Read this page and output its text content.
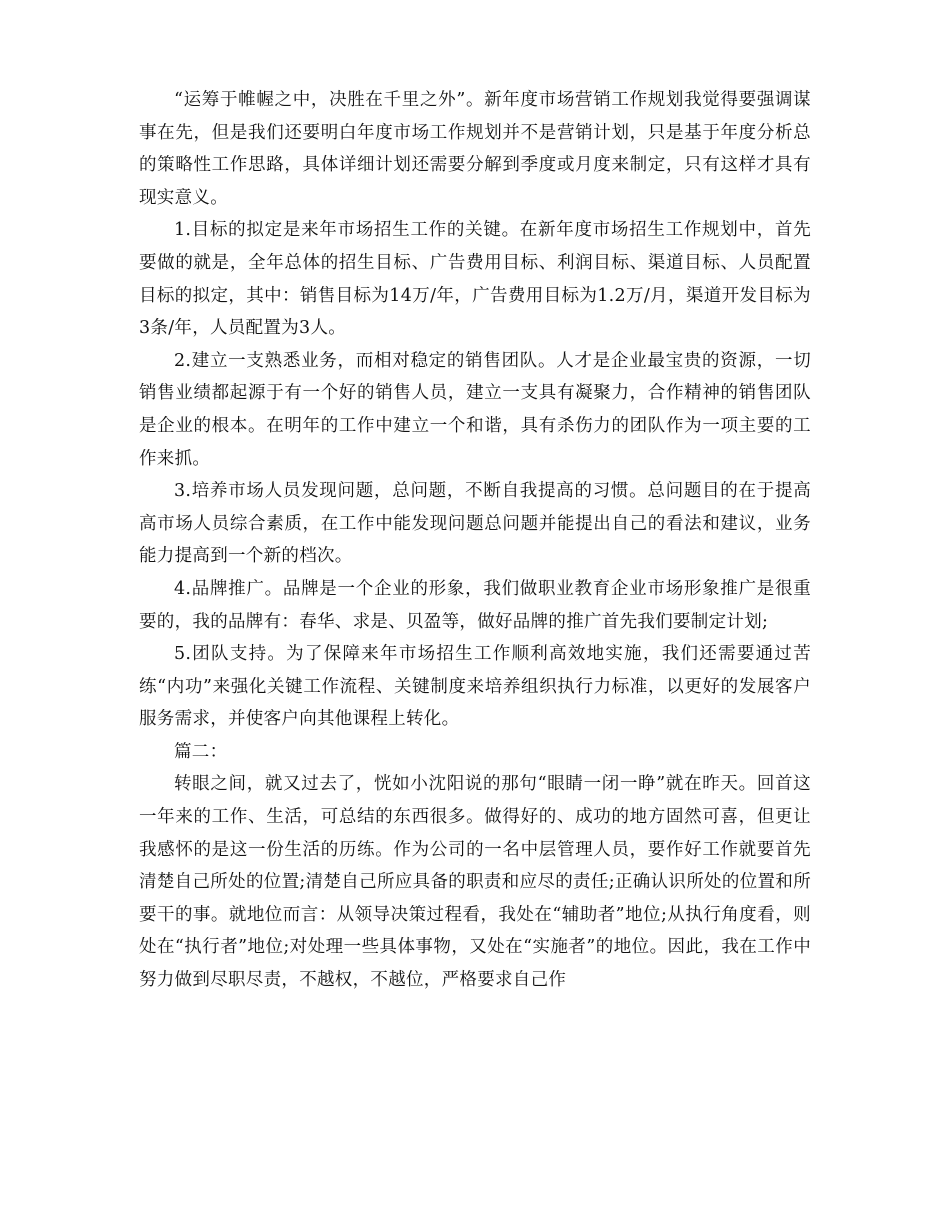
“运筹于帷幄之中，决胜在千里之外”。新年度市场营销工作规划我觉得要强调谋事在先，但是我们还要明白年度市场工作规划并不是营销计划，只是基于年度分析总的策略性工作思路，具体详细计划还需要分解到季度或月度来制定，只有这样才具有现实意义。

1.目标的拟定是来年市场招生工作的关键。在新年度市场招生工作规划中，首先要做的就是，全年总体的招生目标、广告费用目标、利润目标、渠道目标、人员配置目标的拟定，其中：销售目标为14万/年，广告费用目标为1.2万/月，渠道开发目标为3条/年，人员配置为3人。

2.建立一支熟悉业务，而相对稳定的销售团队。人才是企业最宝贵的资源，一切销售业绩都起源于有一个好的销售人员，建立一支具有凝聚力，合作精神的销售团队是企业的根本。在明年的工作中建立一个和谐，具有杀伤力的团队作为一项主要的工作来抓。

3.培养市场人员发现问题，总问题，不断自我提高的习惯。总问题目的在于提高高市场人员综合素质，在工作中能发现问题总问题并能提出自己的看法和建议，业务能力提高到一个新的档次。

4.品牌推广。品牌是一个企业的形象，我们做职业教育企业市场形象推广是很重要的，我的品牌有：春华、求是、贝盈等，做好品牌的推广首先我们要制定计划;

5.团队支持。为了保障来年市场招生工作顺利高效地实施，我们还需要通过苦练“内功”来强化关键工作流程、关键制度来培养组织执行力标准，以更好的发展客户服务需求，并使客户向其他课程上转化。

篇二：

转眼之间，就又过去了，恍如小沈阳说的那句“眼睛一闭一睁”就在昨天。回首这一年来的工作、生活，可总结的东西很多。做得好的、成功的地方固然可喜，但更让我感怀的是这一份生活的历练。作为公司的一名中层管理人员，要作好工作就要首先清楚自己所处的位置;清楚自己所应具备的职责和应尽的责任;正确认识所处的位置和所要干的事。就地位而言：从领导决策过程看，我处在“辅助者”地位;从执行角度看，则处在“执行者”地位;对处理一些具体事物，又处在“实施者”的地位。因此，我在工作中努力做到尽职尽责，不越权，不越位，严格要求自己作
